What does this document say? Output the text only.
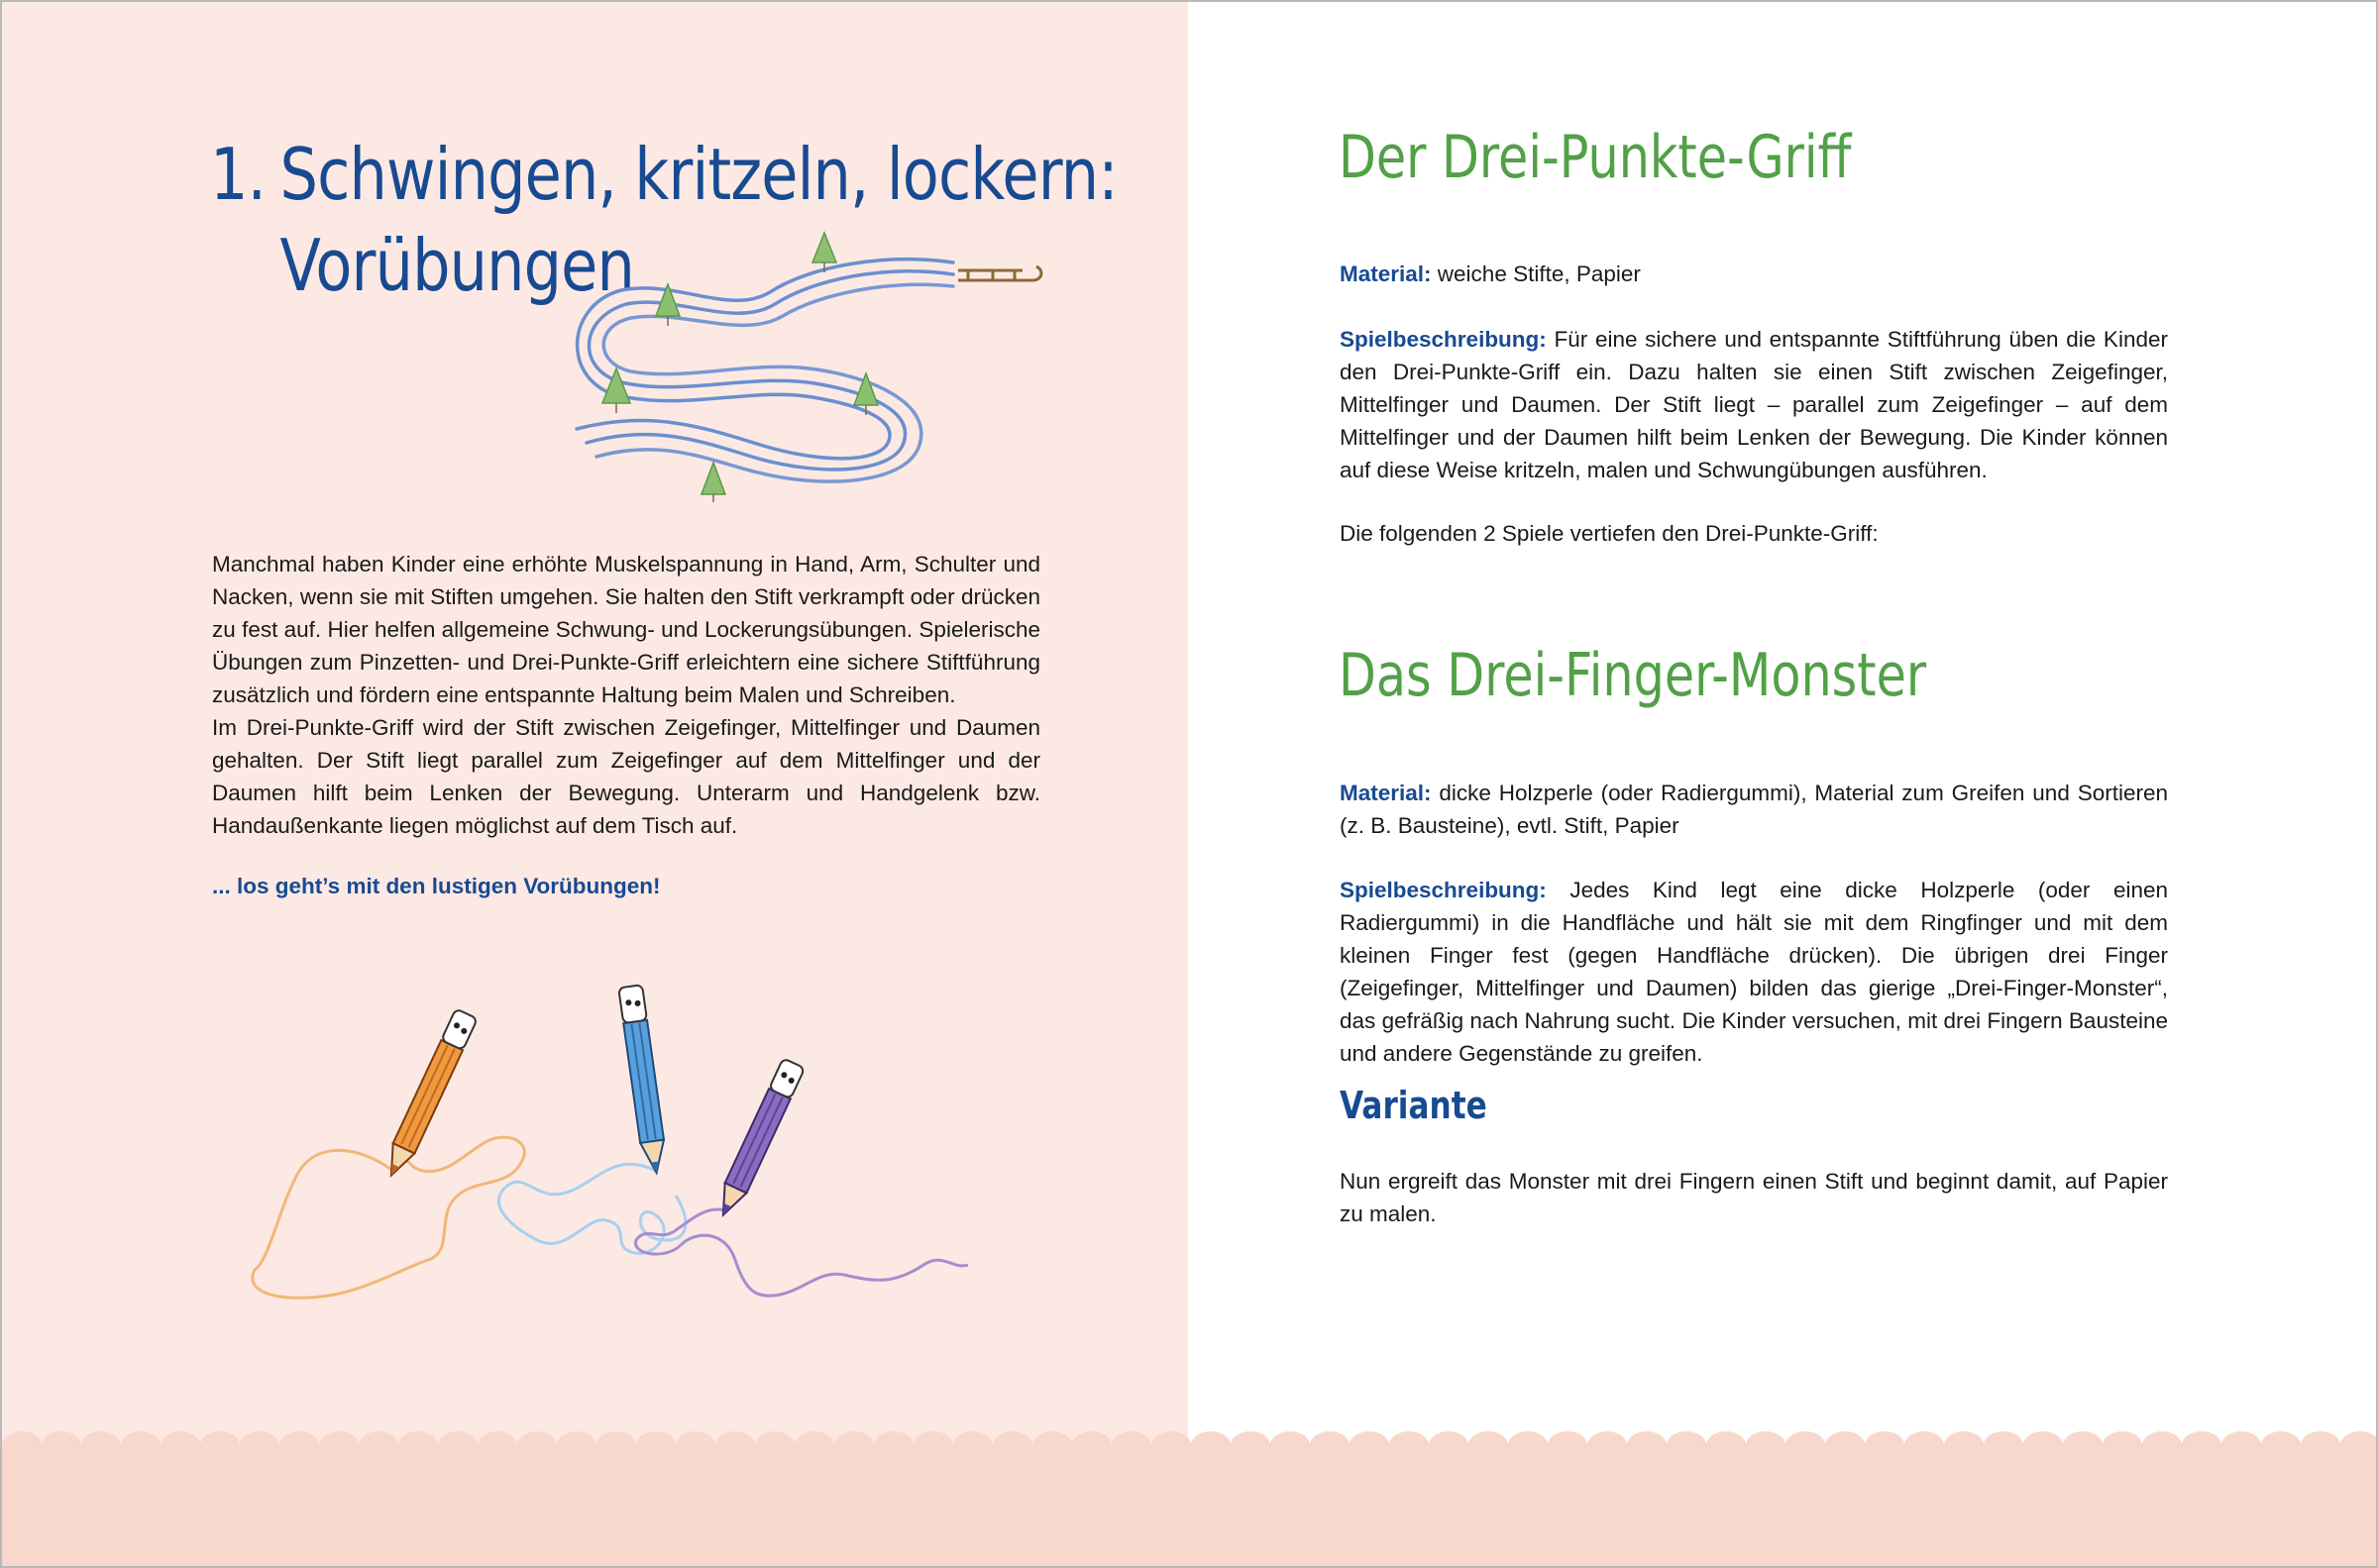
1. Schwingen, kritzeln, lockern:
Vorübungen

Manchmal haben Kinder eine erhöhte Muskelspannung in Hand, Arm, Schulter und Nacken, wenn sie mit Stiften umgehen. Sie halten den Stift verkrampft oder drücken zu fest auf. Hier helfen allgemeine Schwung- und Lockerungsübungen. Spielerische Übungen zum Pinzetten- und Drei-Punkte-Griff erleichtern eine sichere Stiftführung zusätzlich und fördern eine entspannte Haltung beim Malen und Schreiben.

Im Drei-Punkte-Griff wird der Stift zwischen Zeigefinger, Mittelfinger und Daumen gehalten. Der Stift liegt parallel zum Zeigefinger auf dem Mittelfinger und der Daumen hilft beim Lenken der Bewegung. Unterarm und Handgelenk bzw. Handaußenkante liegen möglichst auf dem Tisch auf.

... los geht’s mit den lustigen Vorübungen!

Der Drei-Punkte-Griff

Material: weiche Stifte, Papier

Spielbeschreibung: Für eine sichere und entspannte Stiftführung üben die Kinder den Drei-Punkte-Griff ein. Dazu halten sie einen Stift zwischen Zeigefinger, Mittelfinger und Daumen. Der Stift liegt – parallel zum Zeigefinger – auf dem Mittelfinger und der Daumen hilft beim Lenken der Bewegung. Die Kinder können auf diese Weise kritzeln, malen und Schwungübungen ausführen.

Die folgenden 2 Spiele vertiefen den Drei-Punkte-Griff:

Das Drei-Finger-Monster

Material: dicke Holzperle (oder Radiergummi), Material zum Greifen und Sortieren (z. B. Bausteine), evtl. Stift, Papier

Spielbeschreibung: Jedes Kind legt eine dicke Holzperle (oder einen Radiergummi) in die Handfläche und hält sie mit dem Ringfinger und mit dem kleinen Finger fest (gegen Handfläche drücken). Die übrigen drei Finger (Zeigefinger, Mittelfinger und Daumen) bilden das gierige „Drei-Finger-Monster“, das gefräßig nach Nahrung sucht. Die Kinder versuchen, mit drei Fingern Bausteine und andere Gegenstände zu greifen.

Variante

Nun ergreift das Monster mit drei Fingern einen Stift und beginnt damit, auf Papier zu malen.
